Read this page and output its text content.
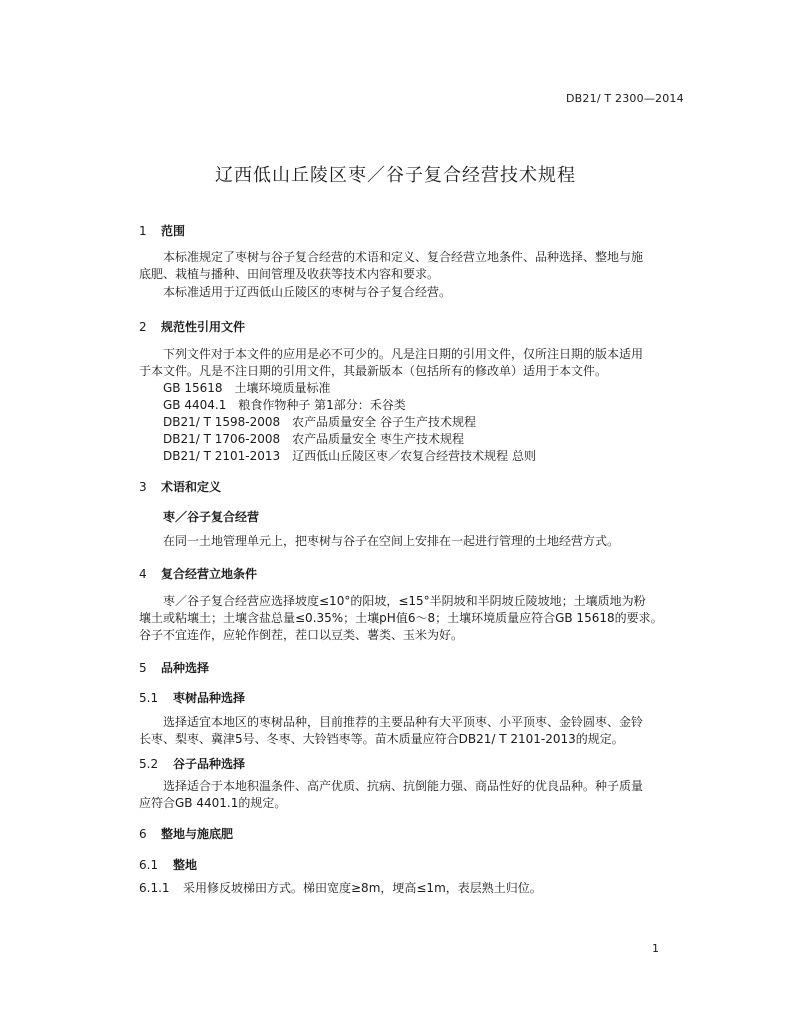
DB21/ T 2300—2014
辽西低山丘陵区枣／谷子复合经营技术规程
1 范围
本标准规定了枣树与谷子复合经营的术语和定义、复合经营立地条件、品种选择、整地与施
底肥、栽植与播种、田间管理及收获等技术内容和要求。
本标准适用于辽西低山丘陵区的枣树与谷子复合经营。
2 规范性引用文件
下列文件对于本文件的应用是必不可少的。凡是注日期的引用文件，仅所注日期的版本适用
于本文件。凡是不注日期的引用文件，其最新版本（包括所有的修改单）适用于本文件。
GB 15618　土壤环境质量标准
GB 4404.1　粮食作物种子 第1部分：禾谷类
DB21/ T 1598-2008　农产品质量安全 谷子生产技术规程
DB21/ T 1706-2008　农产品质量安全 枣生产技术规程
DB21/ T 2101-2013　辽西低山丘陵区枣／农复合经营技术规程 总则
3 术语和定义
枣／谷子复合经营
在同一土地管理单元上，把枣树与谷子在空间上安排在一起进行管理的土地经营方式。
4 复合经营立地条件
枣／谷子复合经营应选择坡度≤10°的阳坡，≤15°半阴坡和半阴坡丘陵坡地；土壤质地为粉
壤土或粘壤土；土壤含盐总量≤0.35%；土壤pH值6～8；土壤环境质量应符合GB 15618的要求。
谷子不宜连作，应轮作倒茬，茬口以豆类、薯类、玉米为好。
5 品种选择
5.1 枣树品种选择
选择适宜本地区的枣树品种，目前推荐的主要品种有大平顶枣、小平顶枣、金铃圆枣、金铃
长枣、梨枣、冀津5号、冬枣、大铃铛枣等。苗木质量应符合DB21/ T 2101-2013的规定。
5.2 谷子品种选择
选择适合于本地积温条件、高产优质、抗病、抗倒能力强、商品性好的优良品种。种子质量
应符合GB 4401.1的规定。
6 整地与施底肥
6.1 整地
6.1.1 采用修反坡梯田方式。梯田宽度≥8m，埂高≤1m，表层熟土归位。
1
